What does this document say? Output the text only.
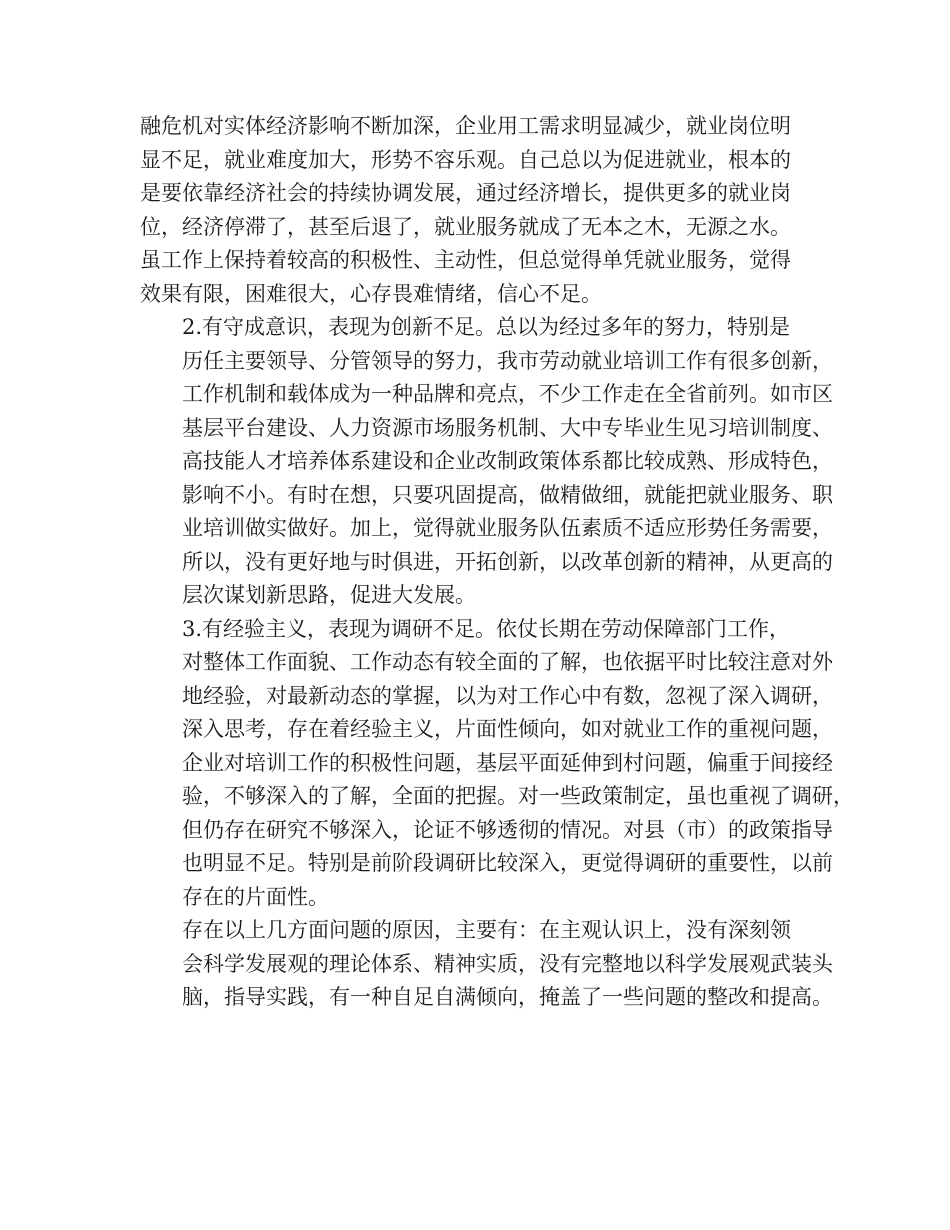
融危机对实体经济影响不断加深，企业用工需求明显减少，就业岗位明
显不足，就业难度加大，形势不容乐观。自己总以为促进就业，根本的
是要依靠经济社会的持续协调发展，通过经济增长，提供更多的就业岗
位，经济停滞了，甚至后退了，就业服务就成了无本之木，无源之水。
虽工作上保持着较高的积极性、主动性，但总觉得单凭就业服务，觉得
效果有限，困难很大，心存畏难情绪，信心不足。

2.有守成意识，表现为创新不足。总以为经过多年的努力，特别是
历任主要领导、分管领导的努力，我市劳动就业培训工作有很多创新，
工作机制和载体成为一种品牌和亮点，不少工作走在全省前列。如市区
基层平台建设、人力资源市场服务机制、大中专毕业生见习培训制度、
高技能人才培养体系建设和企业改制政策体系都比较成熟、形成特色，
影响不小。有时在想，只要巩固提高，做精做细，就能把就业服务、职
业培训做实做好。加上，觉得就业服务队伍素质不适应形势任务需要，
所以，没有更好地与时俱进，开拓创新，以改革创新的精神，从更高的
层次谋划新思路，促进大发展。

3.有经验主义，表现为调研不足。依仗长期在劳动保障部门工作，
对整体工作面貌、工作动态有较全面的了解，也依据平时比较注意对外
地经验，对最新动态的掌握，以为对工作心中有数，忽视了深入调研，
深入思考，存在着经验主义，片面性倾向，如对就业工作的重视问题，
企业对培训工作的积极性问题，基层平面延伸到村问题，偏重于间接经
验，不够深入的了解，全面的把握。对一些政策制定，虽也重视了调研，
但仍存在研究不够深入，论证不够透彻的情况。对县（市）的政策指导
也明显不足。特别是前阶段调研比较深入，更觉得调研的重要性，以前
存在的片面性。

存在以上几方面问题的原因，主要有：在主观认识上，没有深刻领
会科学发展观的理论体系、精神实质，没有完整地以科学发展观武装头
脑，指导实践，有一种自足自满倾向，掩盖了一些问题的整改和提高。
